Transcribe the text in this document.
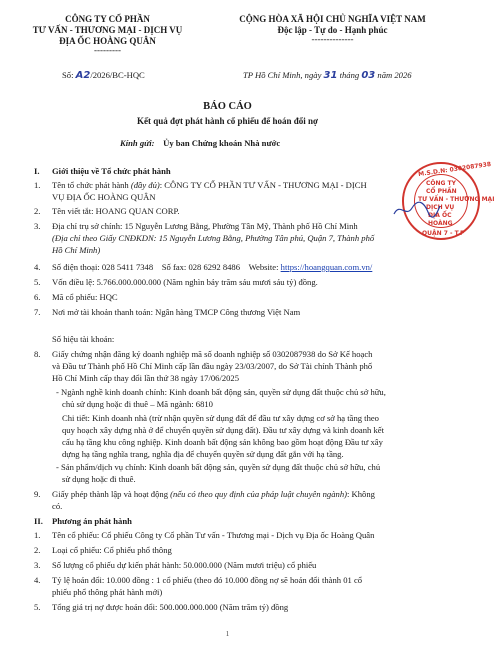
CÔNG TY CỔ PHẦN
TƯ VẤN - THƯƠNG MẠI - DỊCH VỤ
ĐỊA ỐC HOÀNG QUÂN
---------
CỘNG HÒA XÃ HỘI CHỦ NGHĨA VIỆT NAM
Độc lập - Tự do - Hạnh phúc
--------------
Số: A2/2026/BC-HQC	TP Hồ Chí Minh, ngày 31 tháng 03 năm 2026
BÁO CÁO
Kết quả đợt phát hành cổ phiếu để hoán đổi nợ
Kính gửi: Ủy ban Chứng khoán Nhà nước
I. Giới thiệu về Tổ chức phát hành
1.	Tên tổ chức phát hành (đầy đủ): CÔNG TY CỔ PHẦN TƯ VẤN - THƯƠNG MẠI - DỊCH
VỤ ĐỊA ỐC HOÀNG QUÂN
2.	Tên viết tắt: HOANG QUAN CORP.
3.	Địa chỉ trụ sở chính: 15 Nguyễn Lương Bằng, Phường Tân Mỹ, Thành phố Hồ Chí Minh
(Địa chỉ theo Giấy CNĐKDN: 15 Nguyễn Lương Bằng, Phường Tân phú, Quận 7, Thành phố
Hồ Chí Minh)
4.	Số điện thoại: 028 5411 7348 Số fax: 028 6292 8486 Website: https://hoangquan.com.vn/
5.	Vốn điều lệ: 5.766.000.000.000 (Năm nghìn bảy trăm sáu mươi sáu tỷ) đồng.
6.	Mã cổ phiếu: HQC
7.	Nơi mở tài khoản thanh toán: Ngân hàng TMCP Công thương Việt Nam
Số hiệu tài khoản:
8.	Giấy chứng nhận đăng ký doanh nghiệp mã số doanh nghiệp số 0302087938 do Sở Kế hoạch
và Đầu tư Thành phố Hồ Chí Minh cấp lần đầu ngày 23/03/2007, do Sở Tài chính Thành phố
Hồ Chí Minh cấp thay đổi lần thứ 38 ngày 17/06/2025
- Ngành nghề kinh doanh chính: Kinh doanh bất động sản, quyền sử dụng đất thuộc chủ sở hữu,
chủ sử dụng hoặc đi thuê – Mã ngành: 6810
Chi tiết: Kinh doanh nhà (trừ nhận quyền sử dụng đất để đầu tư xây dựng cơ sở hạ tầng theo
quy hoạch xây dựng nhà ở để chuyển quyền sử dụng đất). Đầu tư xây dựng và kinh doanh kết
cấu hạ tầng khu công nghiệp. Kinh doanh bất động sản không bao gồm hoạt động Đầu tư xây
dựng hạ tầng nghĩa trang, nghĩa địa để chuyển quyền sử dụng đất gắn với hạ tầng.
- Sản phẩm/dịch vụ chính: Kinh doanh bất động sản, quyền sử dụng đất thuộc chủ sở hữu, chủ
sử dụng hoặc đi thuê.
9.	Giấy phép thành lập và hoạt động (nếu có theo quy định của pháp luật chuyên ngành): Không
có.
II. Phương án phát hành
1.	Tên cổ phiếu: Cổ phiếu Công ty Cổ phần Tư vấn - Thương mại - Dịch vụ Địa ốc Hoàng Quân
2.	Loại cổ phiếu: Cổ phiếu phổ thông
3.	Số lượng cổ phiếu dự kiến phát hành: 50.000.000 (Năm mươi triệu) cổ phiếu
4.	Tỷ lệ hoán đổi: 10.000 đồng : 1 cổ phiếu (theo đó 10.000 đồng nợ sẽ hoán đổi thành 01 cổ
phiếu phổ thông phát hành mới)
5.	Tổng giá trị nợ được hoán đổi: 500.000.000.000 (Năm trăm tỷ) đồng
M.S.D.N: 0302087938
CÔNG TY
CỔ PHẦN
TƯ VẤN - THƯƠNG MẠI
DỊCH VỤ
ĐỊA ỐC
HOÀNG
QUẬN 7 - T.P
1
